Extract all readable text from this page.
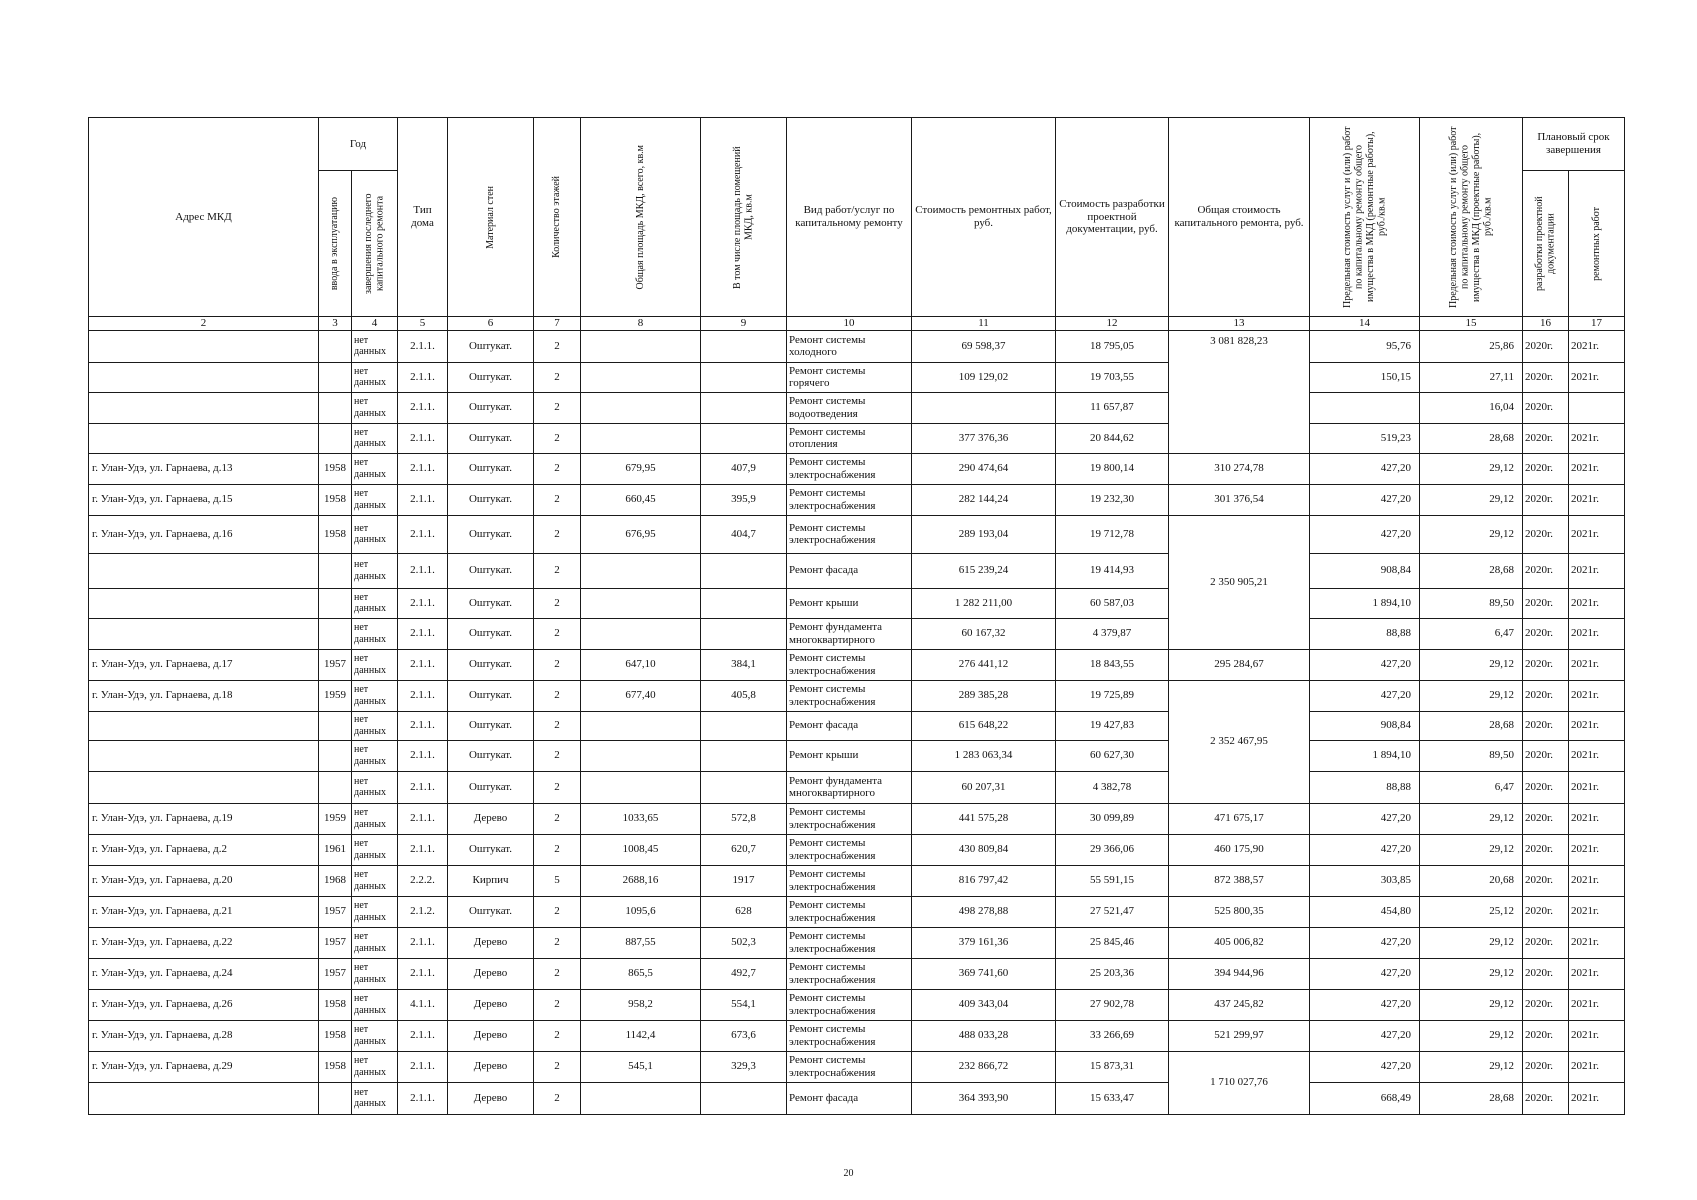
Адрес МКД	Год		Тип дома	Материал стен	Количество этажей	Общая площадь МКД, всего, кв.м	В том числе площадь помещений МКД, кв.м	Вид работ/услуг по капитальному ремонту	Стоимость ремонтных работ, руб.	Стоимость разработки проектной документации, руб.	Общая стоимость капитального ремонта, руб.	Предельная стоимость услуг и (или) работ по капитальному ремонту общего имущества в МКД (ремонтные работы), руб./кв.м	Предельная стоимость услуг и (или) работ по капитальному ремонту общего имущества в МКД (проектные работы), руб./кв.м	Плановый срок завершения	

	ввода в эксплуатацию	завершения последнего капитального ремонта												разработки проектной документации	ремонтных работ

2	3	4	5	6	7	8	9	10	11	12	13	14	15	16	17
		нет данных	2.1.1.	Оштукат.	2			Ремонт системы холодного	69 598,37	18 795,05	3 081 828,23	95,76	25,86	2020г.	2021г.
		нет данных	2.1.1.	Оштукат.	2			Ремонт системы горячего	109 129,02	19 703,55		150,15	27,11	2020г.	2021г.
		нет данных	2.1.1.	Оштукат.	2			Ремонт системы водоотведения		11 657,87			16,04	2020г.	
		нет данных	2.1.1.	Оштукат.	2			Ремонт системы отопления	377 376,36	20 844,62		519,23	28,68	2020г.	2021г.
г. Улан-Удэ, ул. Гарнаева, д.13	1958	нет данных	2.1.1.	Оштукат.	2	679,95	407,9	Ремонт системы электроснабжения	290 474,64	19 800,14	310 274,78	427,20	29,12	2020г.	2021г.
г. Улан-Удэ, ул. Гарнаева, д.15	1958	нет данных	2.1.1.	Оштукат.	2	660,45	395,9	Ремонт системы электроснабжения	282 144,24	19 232,30	301 376,54	427,20	29,12	2020г.	2021г.
г. Улан-Удэ, ул. Гарнаева, д.16	1958	нет данных	2.1.1.	Оштукат.	2	676,95	404,7	Ремонт системы электроснабжения	289 193,04	19 712,78	2 350 905,21	427,20	29,12	2020г.	2021г.
		нет данных	2.1.1.	Оштукат.	2			Ремонт фасада	615 239,24	19 414,93		908,84	28,68	2020г.	2021г.
		нет данных	2.1.1.	Оштукат.	2			Ремонт крыши	1 282 211,00	60 587,03		1 894,10	89,50	2020г.	2021г.
		нет данных	2.1.1.	Оштукат.	2			Ремонт фундамента многоквартирного	60 167,32	4 379,87		88,88	6,47	2020г.	2021г.
г. Улан-Удэ, ул. Гарнаева, д.17	1957	нет данных	2.1.1.	Оштукат.	2	647,10	384,1	Ремонт системы электроснабжения	276 441,12	18 843,55	295 284,67	427,20	29,12	2020г.	2021г.
г. Улан-Удэ, ул. Гарнаева, д.18	1959	нет данных	2.1.1.	Оштукат.	2	677,40	405,8	Ремонт системы электроснабжения	289 385,28	19 725,89	2 352 467,95	427,20	29,12	2020г.	2021г.
		нет данных	2.1.1.	Оштукат.	2			Ремонт фасада	615 648,22	19 427,83		908,84	28,68	2020г.	2021г.
		нет данных	2.1.1.	Оштукат.	2			Ремонт крыши	1 283 063,34	60 627,30		1 894,10	89,50	2020г.	2021г.
		нет данных	2.1.1.	Оштукат.	2			Ремонт фундамента многоквартирного	60 207,31	4 382,78		88,88	6,47	2020г.	2021г.
г. Улан-Удэ, ул. Гарнаева, д.19	1959	нет данных	2.1.1.	Дерево	2	1033,65	572,8	Ремонт системы электроснабжения	441 575,28	30 099,89	471 675,17	427,20	29,12	2020г.	2021г.
г. Улан-Удэ, ул. Гарнаева, д.2	1961	нет данных	2.1.1.	Оштукат.	2	1008,45	620,7	Ремонт системы электроснабжения	430 809,84	29 366,06	460 175,90	427,20	29,12	2020г.	2021г.
г. Улан-Удэ, ул. Гарнаева, д.20	1968	нет данных	2.2.2.	Кирпич	5	2688,16	1917	Ремонт системы электроснабжения	816 797,42	55 591,15	872 388,57	303,85	20,68	2020г.	2021г.
г. Улан-Удэ, ул. Гарнаева, д.21	1957	нет данных	2.1.2.	Оштукат.	2	1095,6	628	Ремонт системы электроснабжения	498 278,88	27 521,47	525 800,35	454,80	25,12	2020г.	2021г.
г. Улан-Удэ, ул. Гарнаева, д.22	1957	нет данных	2.1.1.	Дерево	2	887,55	502,3	Ремонт системы электроснабжения	379 161,36	25 845,46	405 006,82	427,20	29,12	2020г.	2021г.
г. Улан-Удэ, ул. Гарнаева, д.24	1957	нет данных	2.1.1.	Дерево	2	865,5	492,7	Ремонт системы электроснабжения	369 741,60	25 203,36	394 944,96	427,20	29,12	2020г.	2021г.
г. Улан-Удэ, ул. Гарнаева, д.26	1958	нет данных	4.1.1.	Дерево	2	958,2	554,1	Ремонт системы электроснабжения	409 343,04	27 902,78	437 245,82	427,20	29,12	2020г.	2021г.
г. Улан-Удэ, ул. Гарнаева, д.28	1958	нет данных	2.1.1.	Дерево	2	1142,4	673,6	Ремонт системы электроснабжения	488 033,28	33 266,69	521 299,97	427,20	29,12	2020г.	2021г.
г. Улан-Удэ, ул. Гарнаева, д.29	1958	нет данных	2.1.1.	Дерево	2	545,1	329,3	Ремонт системы электроснабжения	232 866,72	15 873,31	1 710 027,76	427,20	29,12	2020г.	2021г.
		нет данных	2.1.1.	Дерево	2			Ремонт фасада	364 393,90	15 633,47		668,49	28,68	2020г.	2021г.
20
